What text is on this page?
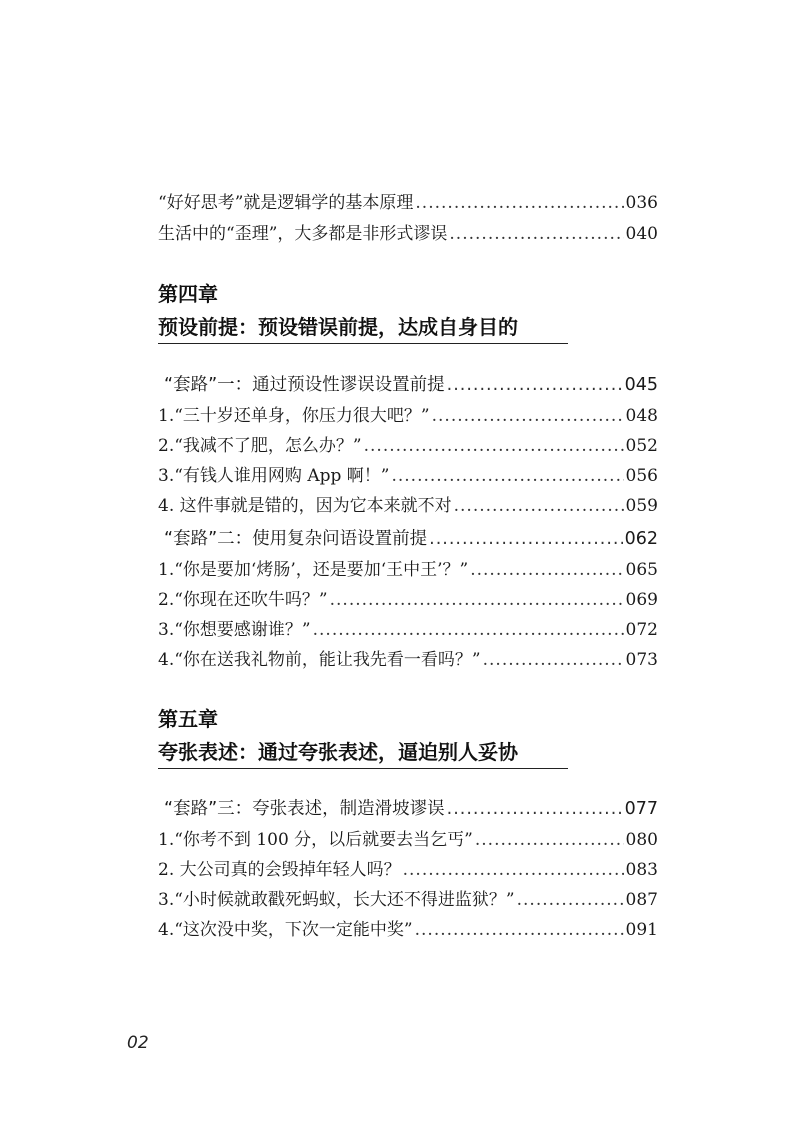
“好好思考”就是逻辑学的基本原理 .....	036
生活中的“歪理”，大多都是非形式谬误 .....	040
第四章
预设前提：预设错误前提，达成自身目的
“套路”一：通过预设性谬误设置前提 .....	045
1.“三十岁还单身，你压力很大吧？” .....	048
2.“我减不了肥，怎么办？” .....	052
3.“有钱人谁用网购 App 啊！” .....	056
4. 这件事就是错的，因为它本来就不对 .....	059
“套路”二：使用复杂问语设置前提 .....	062
1.“你是要加‘烤肠’，还是要加‘王中王’？” .....	065
2.“你现在还吹牛吗？” .....	069
3.“你想要感谢谁？” .....	072
4.“你在送我礼物前，能让我先看一看吗？” .....	073
第五章
夸张表述：通过夸张表述，逼迫别人妥协
“套路”三：夸张表述，制造滑坡谬误 .....	077
1.“你考不到 100 分，以后就要去当乞丐” .....	080
2. 大公司真的会毁掉年轻人吗？ .....	083
3.“小时候就敢戳死蚂蚁，长大还不得进监狱？” .....	087
4.“这次没中奖，下次一定能中奖” .....	091
02
